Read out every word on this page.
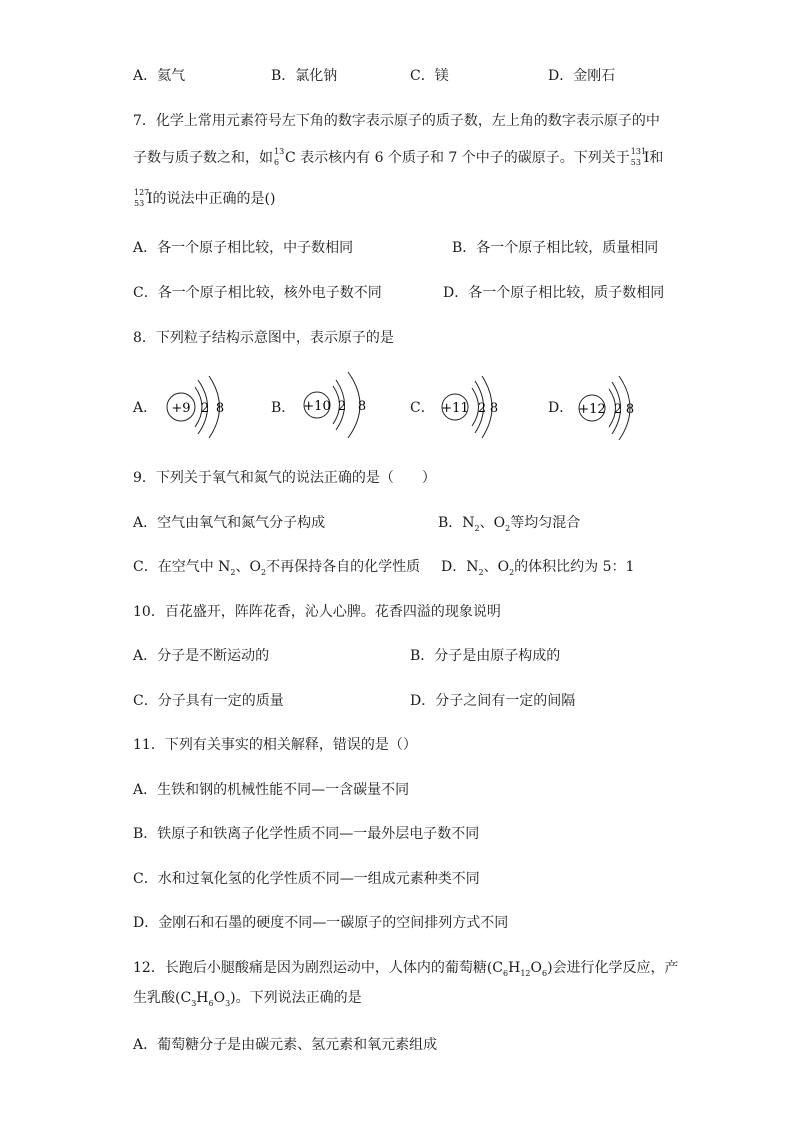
A．氦气	B．氯化钠	C．镁	D．金刚石
7．化学上常用元素符号左下角的数字表示原子的质子数，左上角的数字表示原子的中
子数与质子数之和，如 13
6 C 表示核内有 6 个质子和 7 个中子的碳原子。下列关于 131
53 I和
127
53 I的说法中正确的是()
A．各一个原子相比较，中子数相同	B．各一个原子相比较，质量相同
C．各一个原子相比较，核外电子数不同	D．各一个原子相比较，质子数相同
8．下列粒子结构示意图中，表示原子的是
A． +9 2 8	B． +10 2 8	C． +11 2 8	D． +12 2 8
9．下列关于氧气和氮气的说法正确的是（　　）
A．空气由氧气和氮气分子构成	B．$N_2$、$O_2$等均匀混合
C．在空气中 $N_2$、$O_2$不再保持各自的化学性质 D．$N_2$、$O_2$的体积比约为 5：1
10．百花盛开，阵阵花香，沁人心脾。花香四溢的现象说明
A．分子是不断运动的	B．分子是由原子构成的
C．分子具有一定的质量	D．分子之间有一定的间隔
11．下列有关事实的相关解释，错误的是（）
A．生铁和钢的机械性能不同—一含碳量不同
B．铁原子和铁离子化学性质不同—一最外层电子数不同
C．水和过氧化氢的化学性质不同—一组成元素种类不同
D．金刚石和石墨的硬度不同—一碳原子的空间排列方式不同
12．长跑后小腿酸痛是因为剧烈运动中，人体内的葡萄糖$(C_6H_{12}O_6)$会进行化学反应，产
生乳酸$(C_3H_6O_3)$。下列说法正确的是
A．葡萄糖分子是由碳元素、氢元素和氧元素组成
